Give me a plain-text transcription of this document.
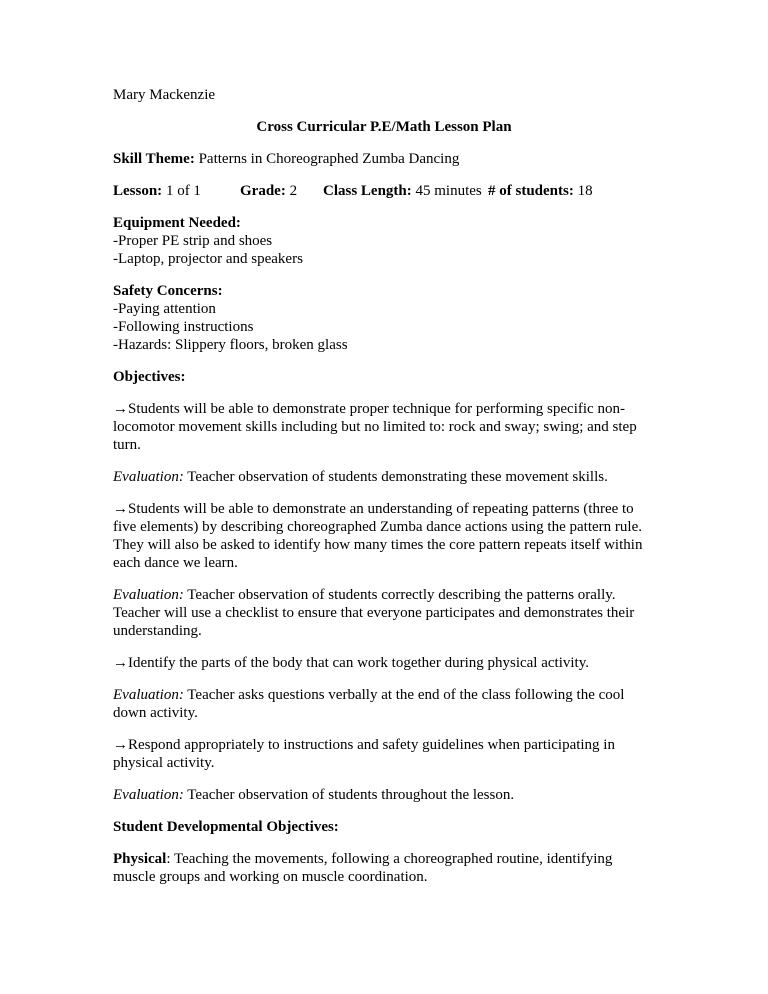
Mary Mackenzie

Cross Curricular P.E/Math Lesson Plan

Skill Theme: Patterns in Choreographed Zumba Dancing

Lesson: 1 of 1	Grade: 2 Class Length: 45 minutes # of students: 18
Equipment Needed:
-Proper PE strip and shoes
-Laptop, projector and speakers
Safety Concerns:
-Paying attention
-Following instructions
-Hazards: Slippery floors, broken glass

Objectives:

→Students will be able to demonstrate proper technique for performing specific non-locomotor movement skills including but no limited to: rock and sway; swing; and step turn.

Evaluation: Teacher observation of students demonstrating these movement skills.

→Students will be able to demonstrate an understanding of repeating patterns (three to five elements) by describing choreographed Zumba dance actions using the pattern rule. They will also be asked to identify how many times the core pattern repeats itself within each dance we learn.

Evaluation: Teacher observation of students correctly describing the patterns orally. Teacher will use a checklist to ensure that everyone participates and demonstrates their understanding.

→Identify the parts of the body that can work together during physical activity.

Evaluation: Teacher asks questions verbally at the end of the class following the cool down activity.

→Respond appropriately to instructions and safety guidelines when participating in physical activity.

Evaluation: Teacher observation of students throughout the lesson.

Student Developmental Objectives:

Physical: Teaching the movements, following a choreographed routine, identifying muscle groups and working on muscle coordination.
